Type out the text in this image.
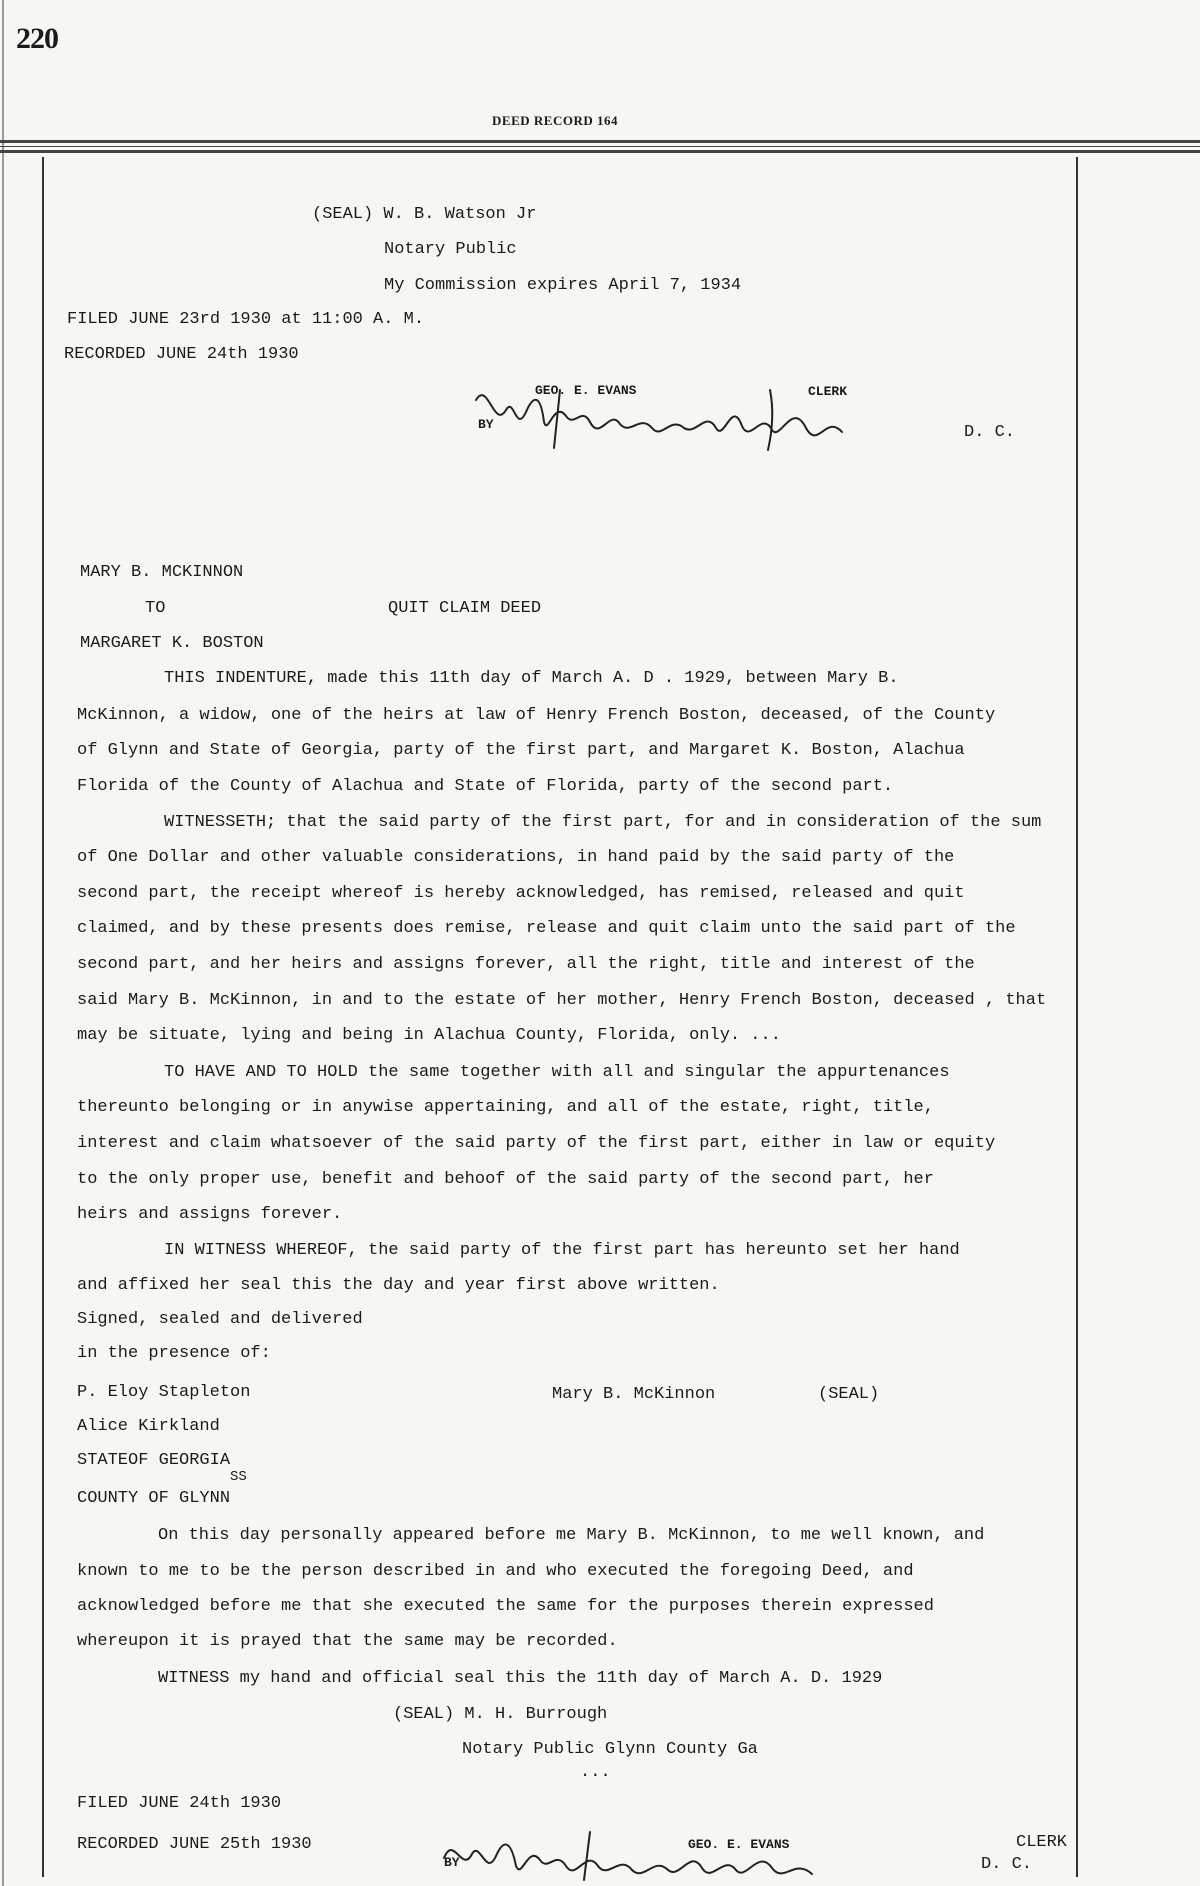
220
DEED RECORD 164
(SEAL) W. B. Watson Jr
Notary Public
My Commission expires April 7, 1934
FILED JUNE 23rd 1930 at 11:00 A. M.
RECORDED JUNE 24th 1930
GEO. E. EVANS	CLERK
BY	D. C.
MARY B. MCKINNON
TO	QUIT CLAIM DEED
MARGARET K. BOSTON
THIS INDENTURE, made this 11th day of March A. D . 1929, between Mary B.
McKinnon, a widow, one of the heirs at law of Henry French Boston, deceased, of the County
of Glynn and State of Georgia, party of the first part, and Margaret K. Boston, Alachua
Florida of the County of Alachua and State of Florida, party of the second part.
WITNESSETH; that the said party of the first part, for and in consideration of the sum
of One Dollar and other valuable considerations, in hand paid by the said party of the
second part, the receipt whereof is hereby acknowledged, has remised, released and quit
claimed, and by these presents does remise, release and quit claim unto the said part of the
second part, and her heirs and assigns forever, all the right, title and interest of the
said Mary B. McKinnon, in and to the estate of her mother, Henry French Boston, deceased , that
may be situate, lying and being in Alachua County, Florida, only. ...
TO HAVE AND TO HOLD the same together with all and singular the appurtenances
thereunto belonging or in anywise appertaining, and all of the estate, right, title,
interest and claim whatsoever of the said party of the first part, either in law or equity
to the only proper use, benefit and behoof of the said party of the second part, her
heirs and assigns forever.
IN WITNESS WHEREOF, the said party of the first part has hereunto set her hand
and affixed her seal this the day and year first above written.
Signed, sealed and delivered
in the presence of:
P. Eloy Stapleton	Mary B. McKinnon	(SEAL)
Alice Kirkland
STATEOF GEORGIA
SS
COUNTY OF GLYNN
On this day personally appeared before me Mary B. McKinnon, to me well known, and
known to me to be the person described in and who executed the foregoing Deed, and
acknowledged before me that she executed the same for the purposes therein expressed
whereupon it is prayed that the same may be recorded.
WITNESS my hand and official seal this the 11th day of March A. D. 1929
(SEAL) M. H. Burrough
Notary Public Glynn County Ga
...
FILED JUNE 24th 1930
RECORDED JUNE 25th 1930
BY
GEO. E. EVANS	CLERK
D. C.
